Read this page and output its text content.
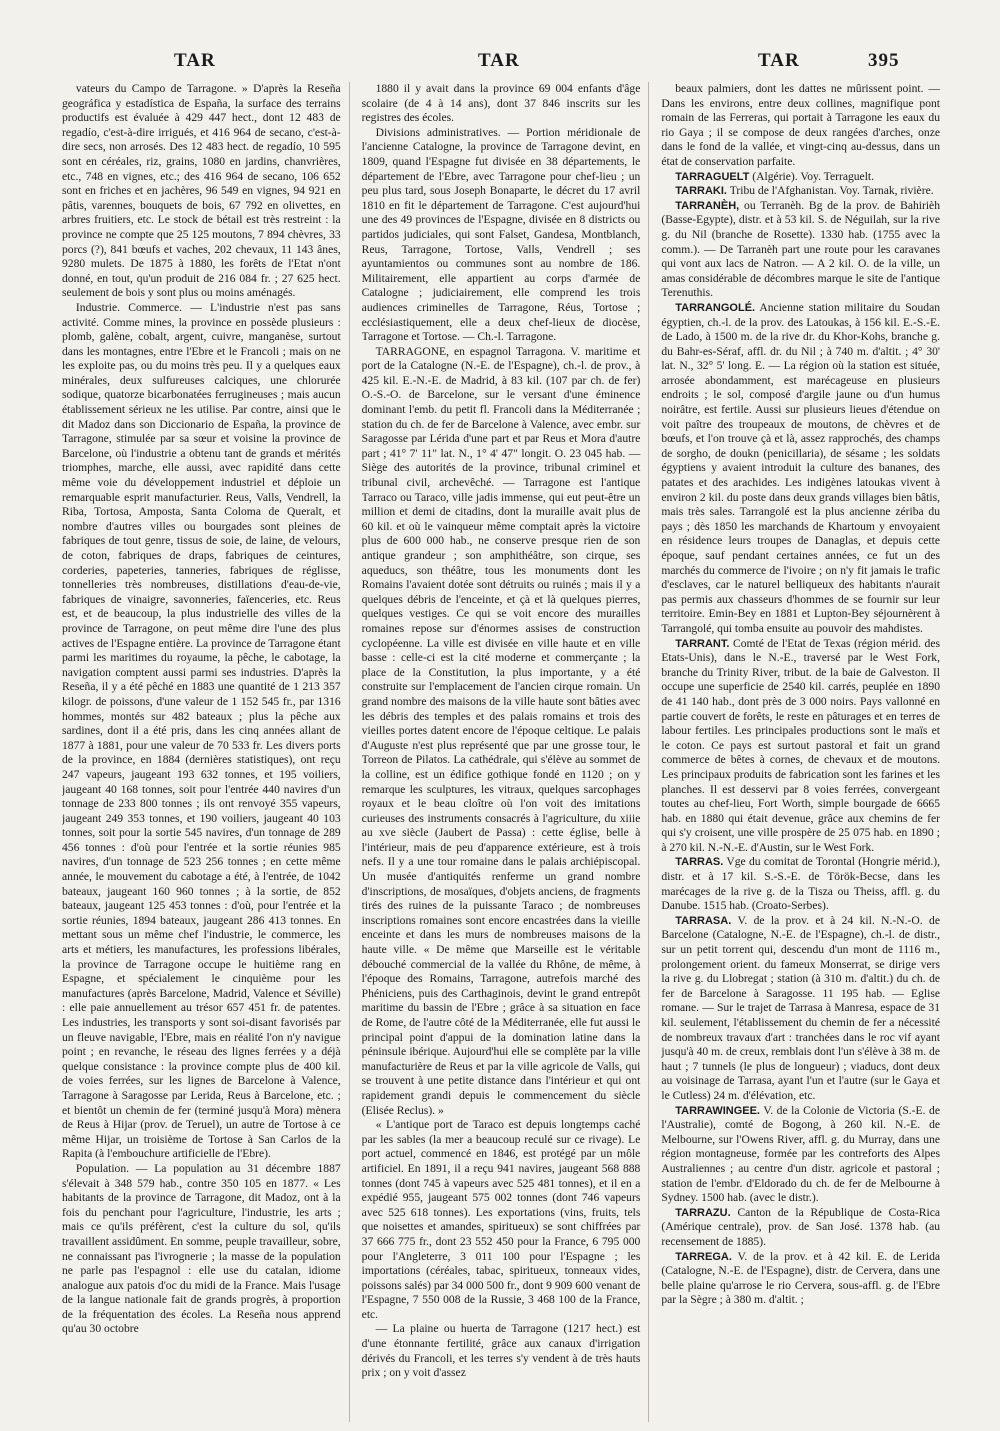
TAR	TAR	TAR	395

vateurs du Campo de Tarragone. » D'après la Reseña geográfica y estadística de España, la surface des terrains productifs est évaluée à 429 447 hect., dont 12 483 de regadío, c'est-à-dire irrigués, et 416 964 de secano, c'est-à-dire secs, non arrosés. Des 12 483 hect. de regadío, 10 595 sont en céréales, riz, grains, 1080 en jardins, chanvrières, etc., 748 en vignes, etc.; des 416 964 de secano, 106 652 sont en friches et en jachères, 96 549 en vignes, 94 921 en pâtis, varennes, bouquets de bois, 67 792 en olivettes, en arbres fruitiers, etc. Le stock de bétail est très restreint : la province ne compte que 25 125 moutons, 7 894 chèvres, 33 porcs (?), 841 bœufs et vaches, 202 chevaux, 11 143 ânes, 9280 mulets. De 1875 à 1880, les forêts de l'Etat n'ont donné, en tout, qu'un produit de 216 084 fr. ; 27 625 hect. seulement de bois y sont plus ou moins aménagés.

Industrie. Commerce. — L'industrie n'est pas sans activité. Comme mines, la province en possède plusieurs : plomb, galène, cobalt, argent, cuivre, manganèse, surtout dans les montagnes, entre l'Ebre et le Francoli ; mais on ne les exploite pas, ou du moins très peu. Il y a quelques eaux minérales, deux sulfureuses calciques, une chlorurée sodique, quatorze bicarbonatées ferrugineuses ; mais aucun établissement sérieux ne les utilise. Par contre, ainsi que le dit Madoz dans son Diccionario de España, la province de Tarragone, stimulée par sa sœur et voisine la province de Barcelone, où l'industrie a obtenu tant de grands et mérités triomphes, marche, elle aussi, avec rapidité dans cette même voie du développement industriel et déploie un remarquable esprit manufacturier. Reus, Valls, Vendrell, la Riba, Tortosa, Amposta, Santa Coloma de Queralt, et nombre d'autres villes ou bourgades sont pleines de fabriques de tout genre, tissus de soie, de laine, de velours, de coton, fabriques de draps, fabriques de ceintures, corderies, papeteries, tanneries, fabriques de réglisse, tonnelleries très nombreuses, distillations d'eau-de-vie, fabriques de vinaigre, savonneries, faïenceries, etc. Reus est, et de beaucoup, la plus industrielle des villes de la province de Tarragone, on peut même dire l'une des plus actives de l'Espagne entière. La province de Tarragone étant parmi les maritimes du royaume, la pêche, le cabotage, la navigation comptent aussi parmi ses industries. D'après la Reseña, il y a été pêché en 1883 une quantité de 1 213 357 kilogr. de poissons, d'une valeur de 1 152 545 fr., par 1316 hommes, montés sur 482 bateaux ; plus la pêche aux sardines, dont il a été pris, dans les cinq années allant de 1877 à 1881, pour une valeur de 70 533 fr. Les divers ports de la province, en 1884 (dernières statistiques), ont reçu 247 vapeurs, jaugeant 193 632 tonnes, et 195 voiliers, jaugeant 40 168 tonnes, soit pour l'entrée 440 navires d'un tonnage de 233 800 tonnes ; ils ont renvoyé 355 vapeurs, jaugeant 249 353 tonnes, et 190 voiliers, jaugeant 40 103 tonnes, soit pour la sortie 545 navires, d'un tonnage de 289 456 tonnes : d'où pour l'entrée et la sortie réunies 985 navires, d'un tonnage de 523 256 tonnes ; en cette même année, le mouvement du cabotage a été, à l'entrée, de 1042 bateaux, jaugeant 160 960 tonnes ; à la sortie, de 852 bateaux, jaugeant 125 453 tonnes : d'où, pour l'entrée et la sortie réunies, 1894 bateaux, jaugeant 286 413 tonnes. En mettant sous un même chef l'industrie, le commerce, les arts et métiers, les manufactures, les professions libérales, la province de Tarragone occupe le huitième rang en Espagne, et spécialement le cinquième pour les manufactures (après Barcelone, Madrid, Valence et Séville) : elle paie annuellement au trésor 657 451 fr. de patentes. Les industries, les transports y sont soi-disant favorisés par un fleuve navigable, l'Ebre, mais en réalité l'on n'y navigue point ; en revanche, le réseau des lignes ferrées y a déjà quelque consistance : la province compte plus de 400 kil. de voies ferrées, sur les lignes de Barcelone à Valence, Tarragone à Saragosse par Lerida, Reus à Barcelone, etc. ; et bientôt un chemin de fer (terminé jusqu'à Mora) mènera de Reus à Hijar (prov. de Teruel), un autre de Tortose à ce même Hijar, un troisième de Tortose à San Carlos de la Rapita (à l'embouchure artificielle de l'Ebre).

Population. — La population au 31 décembre 1887 s'élevait à 348 579 hab., contre 350 105 en 1877. « Les habitants de la province de Tarragone, dit Madoz, ont à la fois du penchant pour l'agriculture, l'industrie, les arts ; mais ce qu'ils préfèrent, c'est la culture du sol, qu'ils travaillent assidûment. En somme, peuple travailleur, sobre, ne connaissant pas l'ivrognerie ; la masse de la population ne parle pas l'espagnol : elle use du catalan, idiome analogue aux patois d'oc du midi de la France. Mais l'usage de la langue nationale fait de grands progrès, à proportion de la fréquentation des écoles. La Reseña nous apprend qu'au 30 octobre

1880 il y avait dans la province 69 004 enfants d'âge scolaire (de 4 à 14 ans), dont 37 846 inscrits sur les registres des écoles.

Divisions administratives. — Portion méridionale de l'ancienne Catalogne, la province de Tarragone devint, en 1809, quand l'Espagne fut divisée en 38 départements, le département de l'Ebre, avec Tarragone pour chef-lieu ; un peu plus tard, sous Joseph Bonaparte, le décret du 17 avril 1810 en fit le département de Tarragone. C'est aujourd'hui une des 49 provinces de l'Espagne, divisée en 8 districts ou partidos judiciales, qui sont Falset, Gandesa, Montblanch, Reus, Tarragone, Tortose, Valls, Vendrell ; ses ayuntamientos ou communes sont au nombre de 186. Militairement, elle appartient au corps d'armée de Catalogne ; judiciairement, elle comprend les trois audiences criminelles de Tarragone, Réus, Tortose ; ecclésiastiquement, elle a deux chef-lieux de diocèse, Tarragone et Tortose. — Ch.-l. Tarragone.

TARRAGONE, en espagnol Tarragona. V. maritime et port de la Catalogne (N.-E. de l'Espagne), ch.-l. de prov., à 425 kil. E.-N.-E. de Madrid, à 83 kil. (107 par ch. de fer) O.-S.-O. de Barcelone, sur le versant d'une éminence dominant l'emb. du petit fl. Francoli dans la Méditerranée ; station du ch. de fer de Barcelone à Valence, avec embr. sur Saragosse par Lérida d'une part et par Reus et Mora d'autre part ; 41° 7' 11" lat. N., 1° 4' 47" longit. O. 23 045 hab. — Siège des autorités de la province, tribunal criminel et tribunal civil, archevêché. — Tarragone est l'antique Tarraco ou Taraco, ville jadis immense, qui eut peut-être un million et demi de citadins, dont la muraille avait plus de 60 kil. et où le vainqueur même comptait après la victoire plus de 600 000 hab., ne conserve presque rien de son antique grandeur ; son amphithéâtre, son cirque, ses aqueducs, son théâtre, tous les monuments dont les Romains l'avaient dotée sont détruits ou ruinés ; mais il y a quelques débris de l'enceinte, et çà et là quelques pierres, quelques vestiges. Ce qui se voit encore des murailles romaines repose sur d'énormes assises de construction cyclopéenne. La ville est divisée en ville haute et en ville basse : celle-ci est la cité moderne et commerçante ; la place de la Constitution, la plus importante, y a été construite sur l'emplacement de l'ancien cirque romain. Un grand nombre des maisons de la ville haute sont bâties avec les débris des temples et des palais romains et trois des vieilles portes datent encore de l'époque celtique. Le palais d'Auguste n'est plus représenté que par une grosse tour, le Torreon de Pilatos. La cathédrale, qui s'élève au sommet de la colline, est un édifice gothique fondé en 1120 ; on y remarque les sculptures, les vitraux, quelques sarcophages royaux et le beau cloître où l'on voit des imitations curieuses des instruments consacrés à l'agriculture, du xiiie au xve siècle (Jaubert de Passa) : cette église, belle à l'intérieur, mais de peu d'apparence extérieure, est à trois nefs. Il y a une tour romaine dans le palais archiépiscopal. Un musée d'antiquités renferme un grand nombre d'inscriptions, de mosaïques, d'objets anciens, de fragments tirés des ruines de la puissante Taraco ; de nombreuses inscriptions romaines sont encore encastrées dans la vieille enceinte et dans les murs de nombreuses maisons de la haute ville. « De même que Marseille est le véritable débouché commercial de la vallée du Rhône, de même, à l'époque des Romains, Tarragone, autrefois marché des Phéniciens, puis des Carthaginois, devint le grand entrepôt maritime du bassin de l'Ebre ; grâce à sa situation en face de Rome, de l'autre côté de la Méditerranée, elle fut aussi le principal point d'appui de la domination latine dans la péninsule ibérique. Aujourd'hui elle se complète par la ville manufacturière de Reus et par la ville agricole de Valls, qui se trouvent à une petite distance dans l'intérieur et qui ont rapidement grandi depuis le commencement du siècle (Elisée Reclus). »

« L'antique port de Taraco est depuis longtemps caché par les sables (la mer a beaucoup reculé sur ce rivage). Le port actuel, commencé en 1846, est protégé par un môle artificiel. En 1891, il a reçu 941 navires, jaugeant 568 888 tonnes (dont 745 à vapeurs avec 525 481 tonnes), et il en a expédié 955, jaugeant 575 002 tonnes (dont 746 vapeurs avec 525 618 tonnes). Les exportations (vins, fruits, tels que noisettes et amandes, spiritueux) se sont chiffrées par 37 666 775 fr., dont 23 552 450 pour la France, 6 795 000 pour l'Angleterre, 3 011 100 pour l'Espagne ; les importations (céréales, tabac, spiritueux, tonneaux vides, poissons salés) par 34 000 500 fr., dont 9 909 600 venant de l'Espagne, 7 550 008 de la Russie, 3 468 100 de la France, etc.

— La plaine ou huerta de Tarragone (1217 hect.) est d'une étonnante fertilité, grâce aux canaux d'irrigation dérivés du Francoli, et les terres s'y vendent à de très hauts prix ; on y voit d'assez

beaux palmiers, dont les dattes ne mûrissent point. — Dans les environs, entre deux collines, magnifique pont romain de las Ferreras, qui portait à Tarragone les eaux du rio Gaya ; il se compose de deux rangées d'arches, onze dans le fond de la vallée, et vingt-cinq au-dessus, dans un état de conservation parfaite.

TARRAGUELT (Algérie). Voy. Terraguelt.

TARRAKI. Tribu de l'Afghanistan. Voy. Tarnak, rivière.

TARRANÈH, ou Terranèh. Bg de la prov. de Bahirièh (Basse-Egypte), distr. et à 53 kil. S. de Néguilah, sur la rive g. du Nil (branche de Rosette). 1330 hab. (1755 avec la comm.). — De Tarranèh part une route pour les caravanes qui vont aux lacs de Natron. — A 2 kil. O. de la ville, un amas considérable de décombres marque le site de l'antique Terenuthis.

TARRANGOLÉ. Ancienne station militaire du Soudan égyptien, ch.-l. de la prov. des Latoukas, à 156 kil. E.-S.-E. de Lado, à 1500 m. de la rive dr. du Khor-Kohs, branche g. du Bahr-es-Séraf, affl. dr. du Nil ; à 740 m. d'altit. ; 4° 30' lat. N., 32° 5' long. E. — La région où la station est située, arrosée abondamment, est marécageuse en plusieurs endroits ; le sol, composé d'argile jaune ou d'un humus noirâtre, est fertile. Aussi sur plusieurs lieues d'étendue on voit paître des troupeaux de moutons, de chèvres et de bœufs, et l'on trouve çà et là, assez rapprochés, des champs de sorgho, de doukn (penicillaria), de sésame ; les soldats égyptiens y avaient introduit la culture des bananes, des patates et des arachides. Les indigènes latoukas vivent à environ 2 kil. du poste dans deux grands villages bien bâtis, mais très sales. Tarrangolé est la plus ancienne zériba du pays ; dès 1850 les marchands de Khartoum y envoyaient en résidence leurs troupes de Danaglas, et depuis cette époque, sauf pendant certaines années, ce fut un des marchés du commerce de l'ivoire ; on n'y fit jamais le trafic d'esclaves, car le naturel belliqueux des habitants n'aurait pas permis aux chasseurs d'hommes de se fournir sur leur territoire. Emin-Bey en 1881 et Lupton-Bey séjournèrent à Tarrangolé, qui tomba ensuite au pouvoir des mahdistes.

TARRANT. Comté de l'Etat de Texas (région mérid. des Etats-Unis), dans le N.-E., traversé par le West Fork, branche du Trinity River, tribut. de la baie de Galveston. Il occupe une superficie de 2540 kil. carrés, peuplée en 1890 de 41 140 hab., dont près de 3 000 noirs. Pays vallonné en partie couvert de forêts, le reste en pâturages et en terres de labour fertiles. Les principales productions sont le maïs et le coton. Ce pays est surtout pastoral et fait un grand commerce de bêtes à cornes, de chevaux et de moutons. Les principaux produits de fabrication sont les farines et les planches. Il est desservi par 8 voies ferrées, convergeant toutes au chef-lieu, Fort Worth, simple bourgade de 6665 hab. en 1880 qui était devenue, grâce aux chemins de fer qui s'y croisent, une ville prospère de 25 075 hab. en 1890 ; à 270 kil. N.-N.-E. d'Austin, sur le West Fork.

TARRAS. Vge du comitat de Torontal (Hongrie mérid.), distr. et à 17 kil. S.-S.-E. de Török-Becse, dans les marécages de la rive g. de la Tisza ou Theiss, affl. g. du Danube. 1515 hab. (Croato-Serbes).

TARRASA. V. de la prov. et à 24 kil. N.-N.-O. de Barcelone (Catalogne, N.-E. de l'Espagne), ch.-l. de distr., sur un petit torrent qui, descendu d'un mont de 1116 m., prolongement orient. du fameux Monserrat, se dirige vers la rive g. du Llobregat ; station (à 310 m. d'altit.) du ch. de fer de Barcelone à Saragosse. 11 195 hab. — Eglise romane. — Sur le trajet de Tarrasa à Manresa, espace de 31 kil. seulement, l'établissement du chemin de fer a nécessité de nombreux travaux d'art : tranchées dans le roc vif ayant jusqu'à 40 m. de creux, remblais dont l'un s'élève à 38 m. de haut ; 7 tunnels (le plus de longueur) ; viaducs, dont deux au voisinage de Tarrasa, ayant l'un et l'autre (sur le Gaya et le Cutless) 24 m. d'élévation, etc.

TARRAWINGEE. V. de la Colonie de Victoria (S.-E. de l'Australie), comté de Bogong, à 260 kil. N.-E. de Melbourne, sur l'Owens River, affl. g. du Murray, dans une région montagneuse, formée par les contreforts des Alpes Australiennes ; au centre d'un distr. agricole et pastoral ; station de l'embr. d'Eldorado du ch. de fer de Melbourne à Sydney. 1500 hab. (avec le distr.).

TARRAZU. Canton de la République de Costa-Rica (Amérique centrale), prov. de San José. 1378 hab. (au recensement de 1885).

TARREGA. V. de la prov. et à 42 kil. E. de Lerida (Catalogne, N.-E. de l'Espagne), distr. de Cervera, dans une belle plaine qu'arrose le rio Cervera, sous-affl. g. de l'Ebre par la Sègre ; à 380 m. d'altit. ;
